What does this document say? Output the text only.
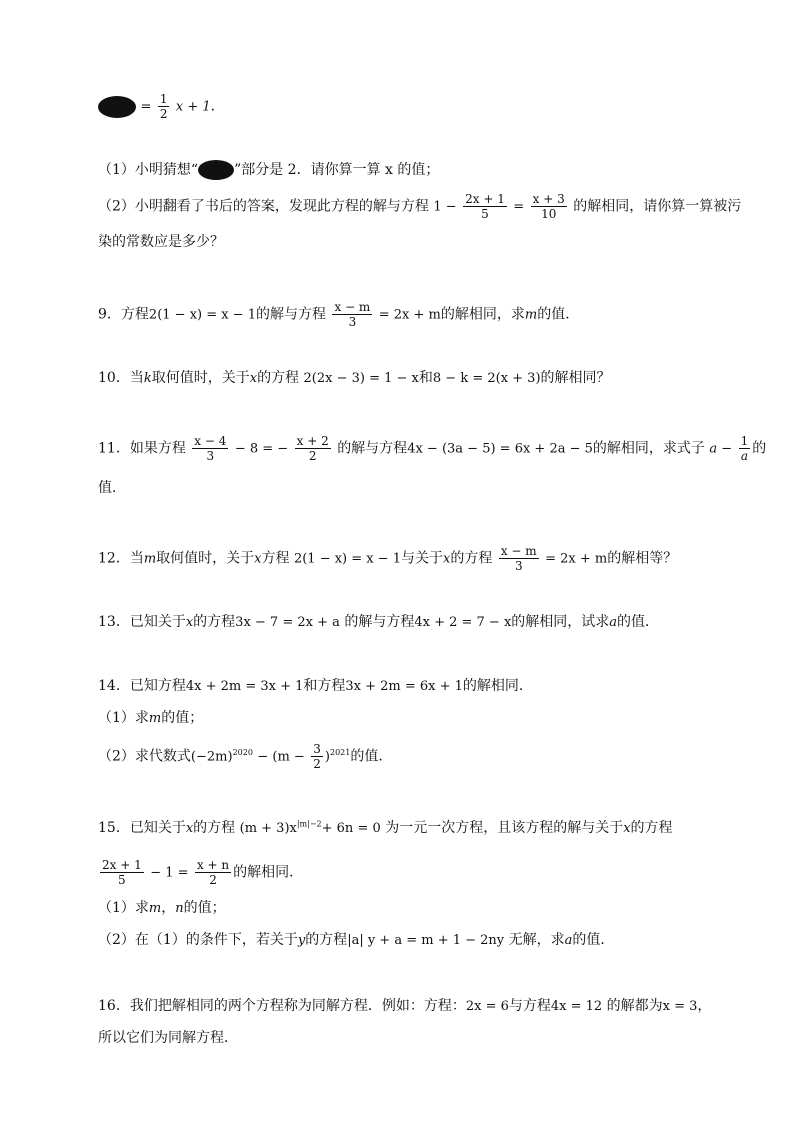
= $\frac{1}{2}$ x + 1.
（1）小明猜想“	”部分是 2．请你算一算 x 的值；
（2）小明翻看了书后的答案，发现此方程的解与方程 $1 - \frac{2x + 1}{5} = \frac{x + 3}{10}$ 的解相同，请你算一算被污
染的常数应是多少？
9．方程2(1 − x) = x − 1的解与方程 $\frac{x - m}{3} = 2x + m$的解相同，求m的值．
10．当k取何值时，关于x的方程 2(2x − 3) = 1 − x和8 − k = 2(x + 3)的解相同？
11．如果方程 $\frac{x - 4}{3} - 8$ = − $\frac{x + 2}{2}$ 的解与方程4x − (3a − 5) = 6x + 2a − 5的解相同，求式子 $a - \frac{1}{a}$ 的
值．
12．当m取何值时，关于x方程 2(1 − x) = x − 1与关于x的方程 $\frac{x - m}{3} = 2x + m$的解相等？
13．已知关于x的方程3x − 7 = 2x + a 的解与方程4x + 2 = 7 − x的解相同，试求a的值．
14．已知方程4x + 2m = 3x + 1和方程3x + 2m = 6x + 1的解相同．
（1）求m的值；
（2）求代数式$(-2m)^{2020} - (m - \frac{3}{2} )^{2021}$的值．
15．已知关于x的方程 $(m + 3)x^{|m|-2}+ 6n = 0$ 为一元一次方程，且该方程的解与关于x的方程
$\frac{2x + 1}{5} - 1 = \frac{x + n}{2}$ 的解相同．
（1）求m，n的值；
（2）在（1）的条件下，若关于y的方程|a| y + a = m + 1 − 2ny 无解，求a的值．
16．我们把解相同的两个方程称为同解方程．例如：方程：2x = 6与方程4x = 12 的解都为x = 3，
所以它们为同解方程．
